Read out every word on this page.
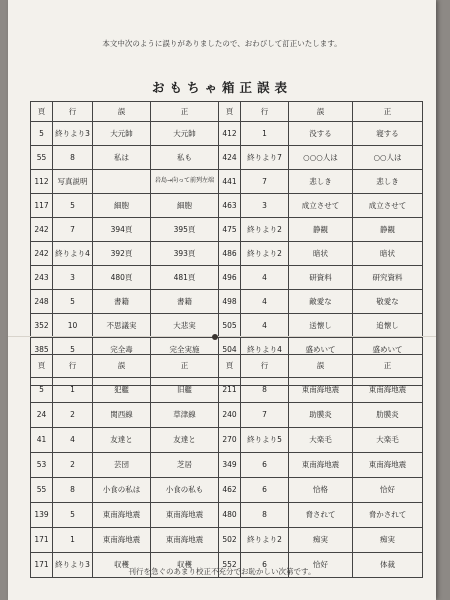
本文中次のように誤りがありましたので、おわびして訂正いたします。
おもちゃ箱正誤表
頁	行	誤	正	頁	行	誤	正
5	終りより3	大元帥	大元帥	412	1	没する	寝する
55	8	私は	私も	424	終りより7	○○○人は	○○人は
112	写真説明		岩島→向って前列左端	441	7	悲しき	悲しき
117	5	細胞	細胞	463	3	成立させて	成立させて
242	7	394頁	395頁	475	終りより2	静観	静観
242	終りより4	392頁	393頁	486	終りより2	暗状	暗状
243	3	480頁	481頁	496	4	研資料	研究資料
248	5	書籍	書籍	498	4	敵愛な	敬愛な
352	10	不思議実	大悲実	505	4	送懐し	追懐し
385	5	完全毒	完全実施	504	終りより4	盛めいて	盛めいて

頁	行	誤	正	頁	行	誤	正
5	1	犯艦	旧艦	211	8	東南海地震	東南海地震
24	2	関西線	草津線	240	7	助膜炎	肋膜炎
41	4	友達と	友達と	270	終りより5	大楽毛	大楽毛
53	2	芸団	芝居	349	6	東南海地震	東南海地震
55	8	小食の私は	小食の私も	462	6	恰格	恰好
139	5	東南海地震	東南海地震	480	8	脅されて	脅かされて
171	1	東南海地震	東南海地震	502	終りより2	痴実	痴実
171	終りより3	収穫	収穫	552	6	恰好	体裁
刊行を急ぐのあまり校正不充分でお恥かしい次第です。
